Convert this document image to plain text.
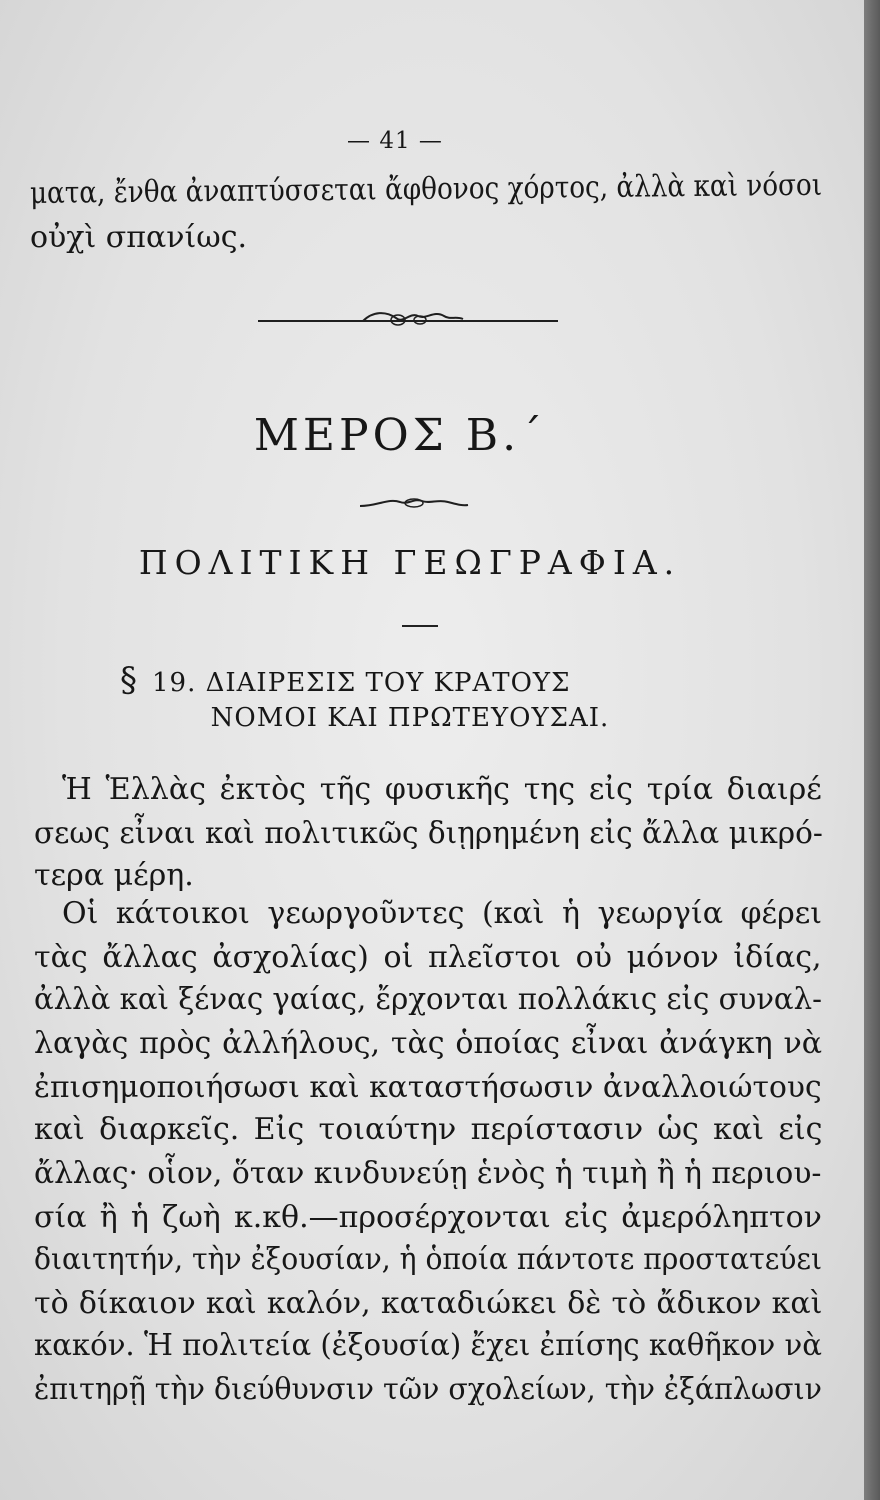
— 41 —
ματα, ἔνθα ἀναπτύσσεται ἄφθονος χόρτος, ἀλλὰ καὶ νόσοι
οὐχὶ σπανίως.
ΜΕΡΟΣ Β.΄
ΠΟΛΙΤΙΚΗ ΓΕΩΓΡΑΦΙΑ.
§ 19. ΔΙΑΙΡΕΣΙΣ ΤΟΥ ΚΡΑΤΟΥΣ
ΝΟΜΟΙ ΚΑΙ ΠΡΩΤΕΥΟΥΣΑΙ.
Ἡ Ἑλλὰς ἐκτὸς τῆς φυσικῆς της εἰς τρία διαιρέ
σεως εἶναι καὶ πολιτικῶς διῃρημένη εἰς ἄλλα μικρό-
τερα μέρη.
Οἱ κάτοικοι γεωργοῦντες (καὶ ἡ γεωργία φέρει
τὰς ἄλλας ἀσχολίας) οἱ πλεῖστοι οὐ μόνον ἰδίας,
ἀλλὰ καὶ ξένας γαίας, ἔρχονται πολλάκις εἰς συναλ-
λαγὰς πρὸς ἀλλήλους, τὰς ὁποίας εἶναι ἀνάγκη νὰ
ἐπισημοποιήσωσι καὶ καταστήσωσιν ἀναλλοιώτους
καὶ διαρκεῖς. Εἰς τοιαύτην περίστασιν ὡς καὶ εἰς
ἄλλας· οἷον, ὅταν κινδυνεύῃ ἑνὸς ἡ τιμὴ ἢ ἡ περιου-
σία ἢ ἡ ζωὴ κ.κθ.—προσέρχονται εἰς ἀμερόληπτον
διαιτητήν, τὴν ἐξουσίαν, ἡ ὁποία πάντοτε προστατεύει
τὸ δίκαιον καὶ καλόν, καταδιώκει δὲ τὸ ἄδικον καὶ
κακόν. Ἡ πολιτεία (ἐξουσία) ἔχει ἐπίσης καθῆκον νὰ
ἐπιτηρῇ τὴν διεύθυνσιν τῶν σχολείων, τὴν ἐξάπλωσιν
